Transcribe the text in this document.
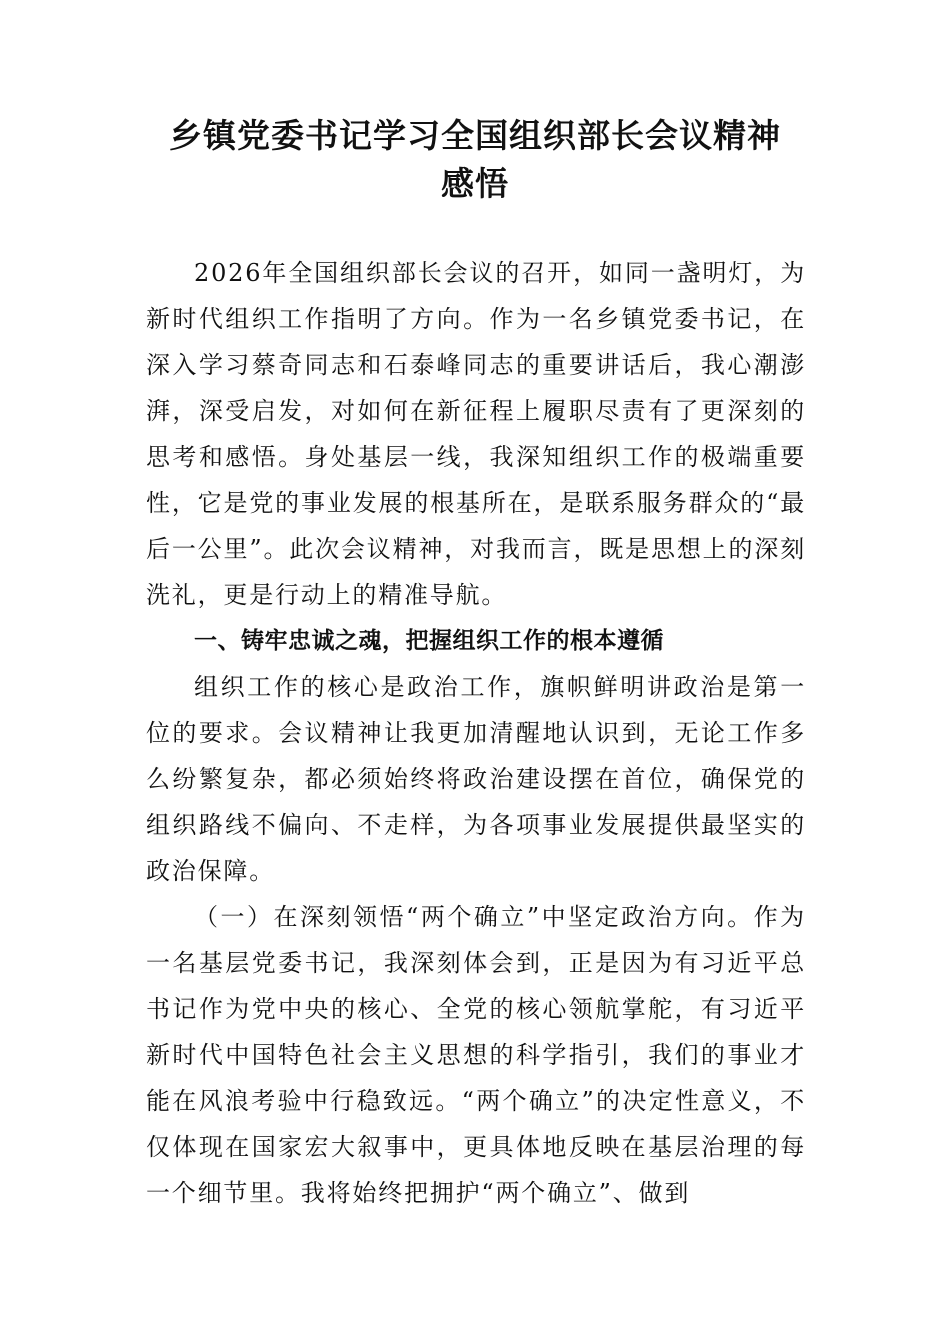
乡镇党委书记学习全国组织部长会议精神
感悟

2026年全国组织部长会议的召开，如同一盏明灯，为新时代组织工作指明了方向。作为一名乡镇党委书记，在深入学习蔡奇同志和石泰峰同志的重要讲话后，我心潮澎湃，深受启发，对如何在新征程上履职尽责有了更深刻的思考和感悟。身处基层一线，我深知组织工作的极端重要性，它是党的事业发展的根基所在，是联系服务群众的“最后一公里”。此次会议精神，对我而言，既是思想上的深刻洗礼，更是行动上的精准导航。

一、铸牢忠诚之魂，把握组织工作的根本遵循

组织工作的核心是政治工作，旗帜鲜明讲政治是第一位的要求。会议精神让我更加清醒地认识到，无论工作多么纷繁复杂，都必须始终将政治建设摆在首位，确保党的组织路线不偏向、不走样，为各项事业发展提供最坚实的政治保障。

（一）在深刻领悟“两个确立”中坚定政治方向。作为一名基层党委书记，我深刻体会到，正是因为有习近平总书记作为党中央的核心、全党的核心领航掌舵，有习近平新时代中国特色社会主义思想的科学指引，我们的事业才能在风浪考验中行稳致远。“两个确立”的决定性意义，不仅体现在国家宏大叙事中，更具体地反映在基层治理的每一个细节里。我将始终把拥护“两个确立”、做到
